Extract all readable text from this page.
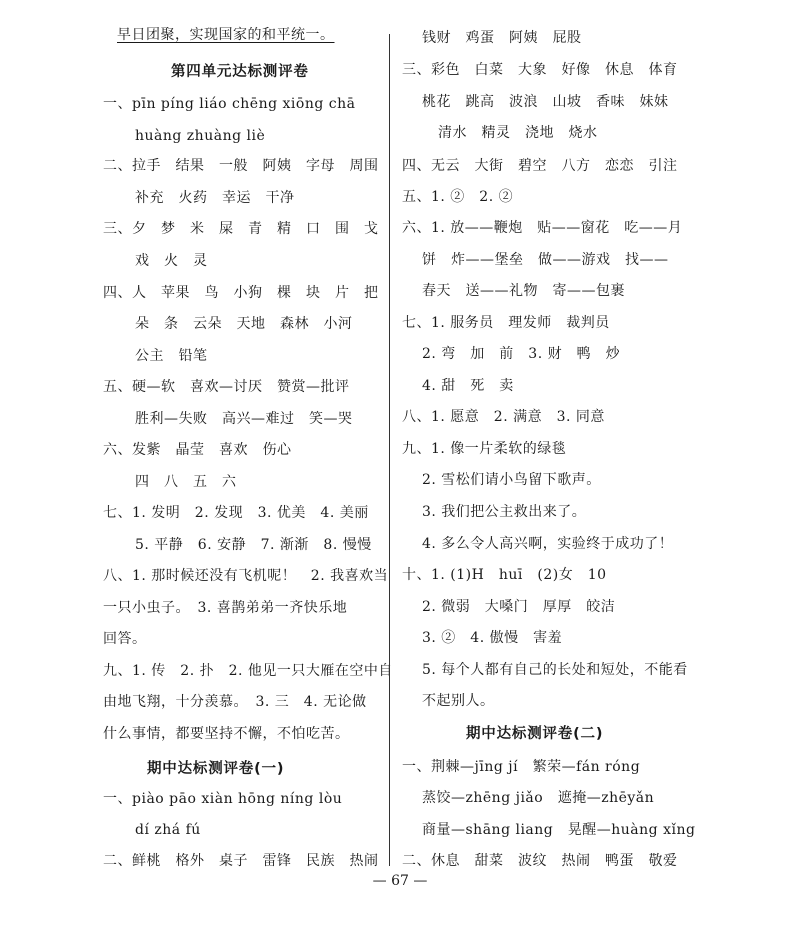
早日团聚，实现国家的和平统一。
第四单元达标测评卷
一、pīn píng liáo chēng xiōng chā
huàng zhuàng liè
二、拉手　结果　一般　阿姨　字母　周围
补充　火药　幸运　干净
三、夕　梦　米　屎　青　精　口　围　戈
戏　火　灵
四、人　苹果　鸟　小狗　棵　块　片　把
朵　条　云朵　天地　森林　小河
公主　铅笔
五、硬—软　喜欢—讨厌　赞赏—批评
胜利—失败　高兴—难过　笑—哭
六、发紫　晶莹　喜欢　伤心
四　八　五　六
七、1. 发明　2. 发现　3. 优美　4. 美丽
5. 平静　6. 安静　7. 渐渐　8. 慢慢
八、1. 那时候还没有飞机呢！　2. 我喜欢当
一只小虫子。　3. 喜鹊弟弟一齐快乐地
回答。
九、1. 传　2. 扑　2. 他见一只大雁在空中自
由地飞翔，十分羡慕。　3. 三　4. 无论做
什么事情，都要坚持不懈，不怕吃苦。
期中达标测评卷(一)
一、piào pāo xiàn hōng níng lòu
dí zhá fú
二、鲜桃　格外　桌子　雷锋　民族　热闹
钱财　鸡蛋　阿姨　屁股
三、彩色　白菜　大象　好像　休息　体育
桃花　跳高　波浪　山坡　香味　妹妹
清水　精灵　浇地　烧水
四、无云　大街　碧空　八方　恋恋　引注
五、1. ②　2. ②
六、1. 放——鞭炮　贴——窗花　吃——月
饼　炸——堡垒　做——游戏　找——
春天　送——礼物　寄——包裹
七、1. 服务员　理发师　裁判员
2. 弯　加　前　3. 财　鸭　炒
4. 甜　死　卖
八、1. 愿意　2. 满意　3. 同意
九、1. 像一片柔软的绿毯
2. 雪松们请小鸟留下歌声。
3. 我们把公主救出来了。
4. 多么令人高兴啊，实验终于成功了！
十、1. (1)H　huī　(2)女　10
2. 微弱　大嗓门　厚厚　皎洁
3. ②　4. 傲慢　害羞
5. 每个人都有自己的长处和短处，不能看
不起别人。
期中达标测评卷(二)
一、荆棘—jīng jí　繁荣—fán róng
蒸饺—zhēng jiǎo　遮掩—zhēyǎn
商量—shāng liang　晃醒—huàng xǐng
二、休息　甜菜　波纹　热闹　鸭蛋　敬爱
— 67 —
